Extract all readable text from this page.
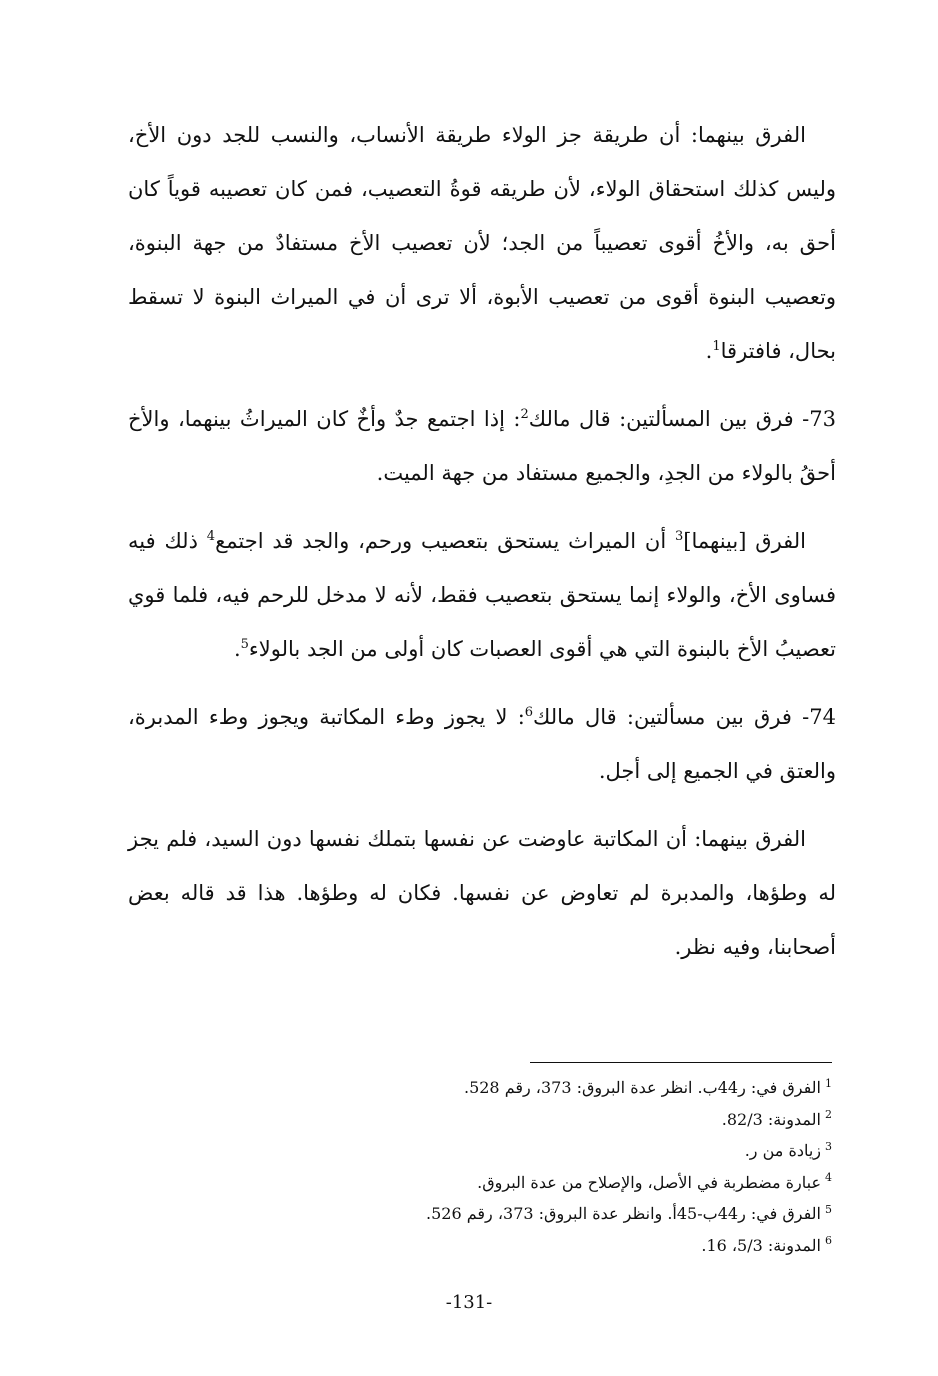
الفرق بينهما: أن طريقة جز الولاء طريقة الأنساب، والنسب للجد دون الأخ، وليس كذلك استحقاق الولاء، لأن طريقه قوةُ التعصيب، فمن كان تعصيبه قوياً كان أحق به، والأخُ أقوى تعصيباً من الجد؛ لأن تعصيب الأخ مستفادٌ من جهة البنوة، وتعصيب البنوة أقوى من تعصيب الأبوة، ألا ترى أن في الميراث البنوة لا تسقط بحال، فافترقا$^1$.

73- فرق بين المسألتين: قال مالك$^2$: إذا اجتمع جدٌ وأخٌ كان الميراثُ بينهما، والأخ أحقُ بالولاء من الجدِ، والجميع مستفاد من جهة الميت.

الفرق [بينهما]$^3$ أن الميراث يستحق بتعصيب ورحم، والجد قد اجتمع$^4$ ذلك فيه فساوى الأخ، والولاء إنما يستحق بتعصيب فقط، لأنه لا مدخل للرحم فيه، فلما قوي تعصيبُ الأخ بالبنوة التي هي أقوى العصبات كان أولى من الجد بالولاء$^5$.

74- فرق بين مسألتين: قال مالك$^6$: لا يجوز وطء المكاتبة ويجوز وطء المدبرة، والعتق في الجميع إلى أجل.

الفرق بينهما: أن المكاتبة عاوضت عن نفسها بتملك نفسها دون السيد، فلم يجز له وطؤها، والمدبرة لم تعاوض عن نفسها. فكان له وطؤها. هذا قد قاله بعض أصحابنا، وفيه نظر.

$^1$الفرق في: ر44ب. انظر عدة البروق: 373، رقم 528.
$^2$المدونة: 82/3.
$^3$زيادة من ر.
$^4$عبارة مضطربة في الأصل، والإصلاح من عدة البروق.
$^5$الفرق في: ر44ب-45أ. وانظر عدة البروق: 373، رقم 526.
$^6$المدونة: 5/3، 16.
-131-
